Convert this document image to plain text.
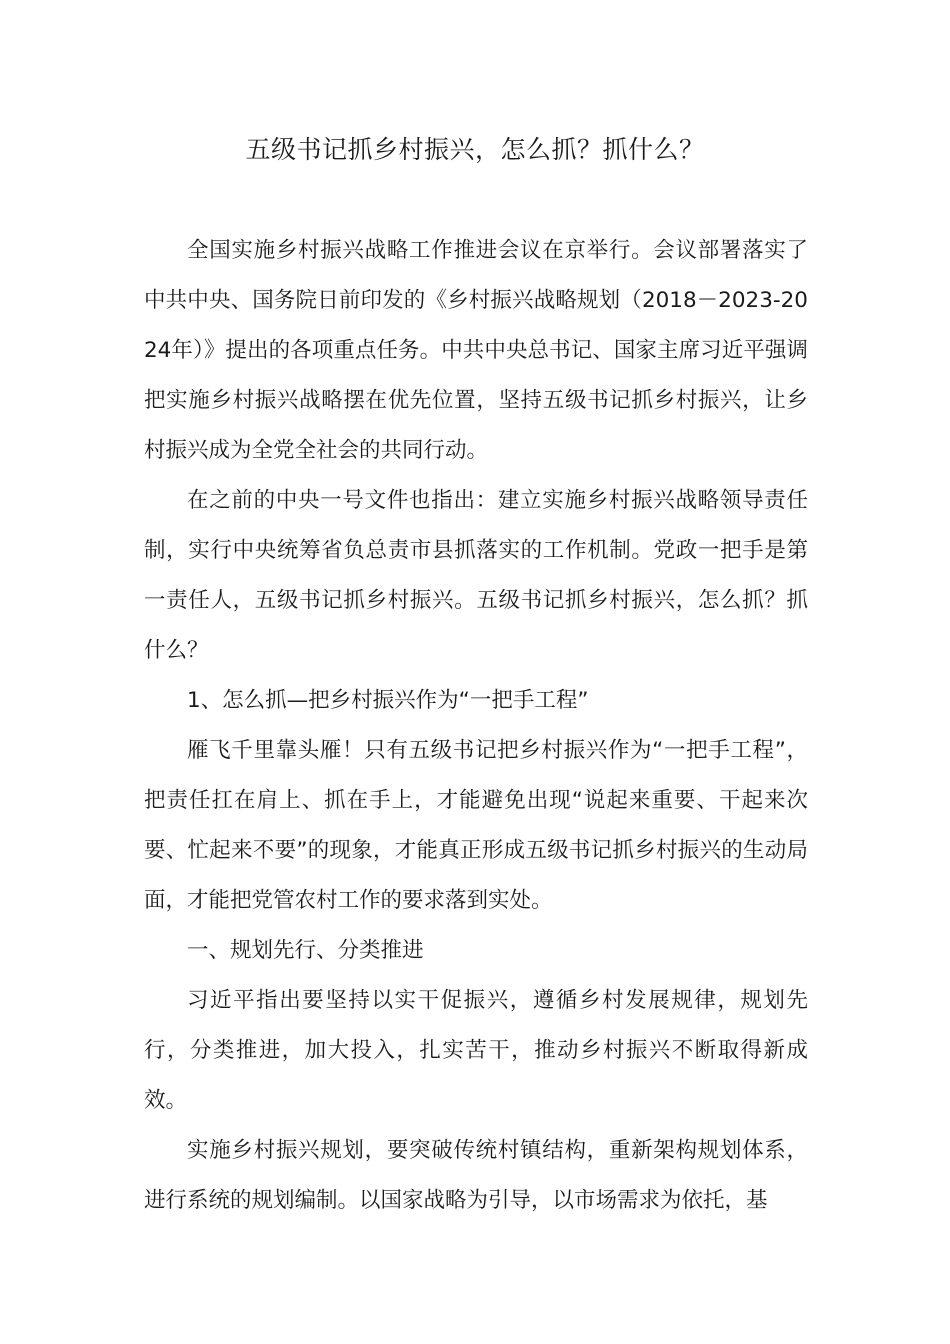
五级书记抓乡村振兴，怎么抓？抓什么？

全国实施乡村振兴战略工作推进会议在京举行。会议部署落实了中共中央、国务院日前印发的《乡村振兴战略规划（2018－2023-2024年）》提出的各项重点任务。中共中央总书记、国家主席习近平强调把实施乡村振兴战略摆在优先位置，坚持五级书记抓乡村振兴，让乡村振兴成为全党全社会的共同行动。

在之前的中央一号文件也指出：建立实施乡村振兴战略领导责任制，实行中央统筹省负总责市县抓落实的工作机制。党政一把手是第一责任人，五级书记抓乡村振兴。五级书记抓乡村振兴，怎么抓？抓什么？

1、怎么抓—把乡村振兴作为“一把手工程”

雁飞千里靠头雁！只有五级书记把乡村振兴作为“一把手工程”，把责任扛在肩上、抓在手上，才能避免出现“说起来重要、干起来次要、忙起来不要”的现象，才能真正形成五级书记抓乡村振兴的生动局面，才能把党管农村工作的要求落到实处。

一、规划先行、分类推进

习近平指出要坚持以实干促振兴，遵循乡村发展规律，规划先行，分类推进，加大投入，扎实苦干，推动乡村振兴不断取得新成效。

实施乡村振兴规划，要突破传统村镇结构，重新架构规划体系，进行系统的规划编制。以国家战略为引导，以市场需求为依托，基
